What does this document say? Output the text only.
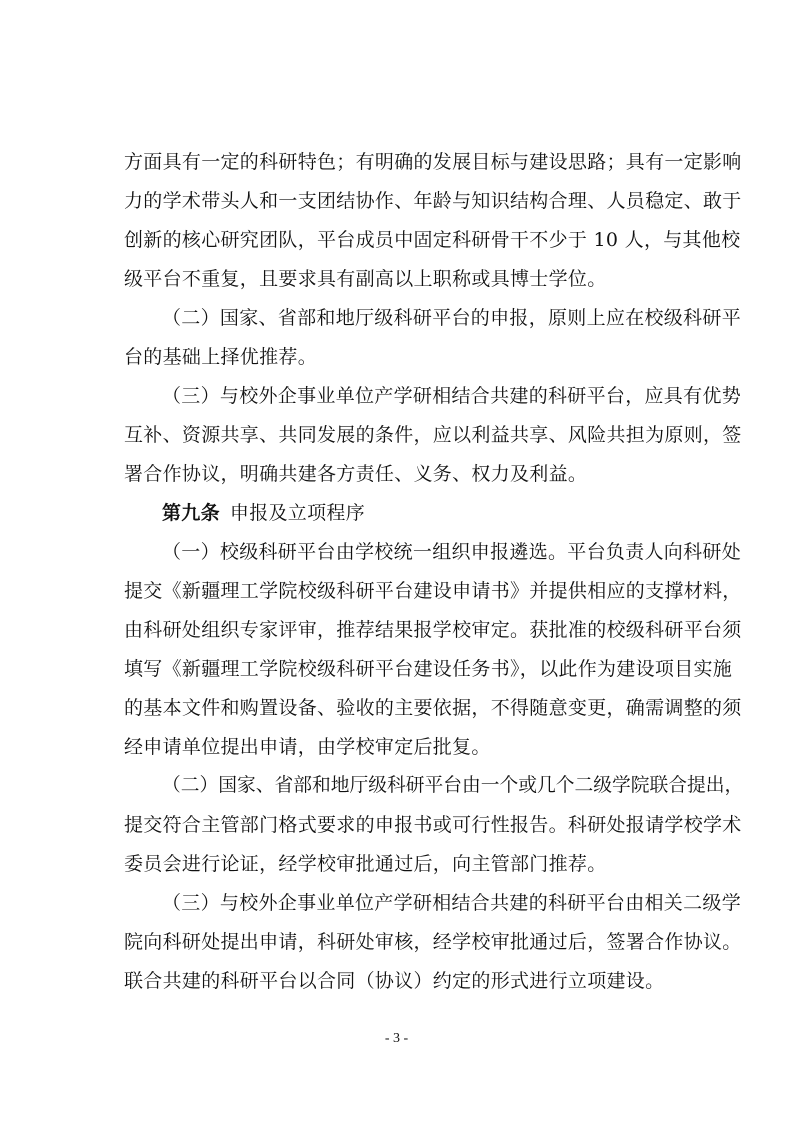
方面具有一定的科研特色；有明确的发展目标与建设思路；具有一定影响
力的学术带头人和一支团结协作、年龄与知识结构合理、人员稳定、敢于
创新的核心研究团队，平台成员中固定科研骨干不少于 10 人，与其他校
级平台不重复，且要求具有副高以上职称或具博士学位。
（二）国家、省部和地厅级科研平台的申报，原则上应在校级科研平
台的基础上择优推荐。
（三）与校外企事业单位产学研相结合共建的科研平台，应具有优势
互补、资源共享、共同发展的条件，应以利益共享、风险共担为原则，签
署合作协议，明确共建各方责任、义务、权力及利益。
第九条 申报及立项程序
（一）校级科研平台由学校统一组织申报遴选。平台负责人向科研处
提交《新疆理工学院校级科研平台建设申请书》并提供相应的支撑材料，
由科研处组织专家评审，推荐结果报学校审定。获批准的校级科研平台须
填写《新疆理工学院校级科研平台建设任务书》，以此作为建设项目实施
的基本文件和购置设备、验收的主要依据，不得随意变更，确需调整的须
经申请单位提出申请，由学校审定后批复。
（二）国家、省部和地厅级科研平台由一个或几个二级学院联合提出，
提交符合主管部门格式要求的申报书或可行性报告。科研处报请学校学术
委员会进行论证，经学校审批通过后，向主管部门推荐。
（三）与校外企事业单位产学研相结合共建的科研平台由相关二级学
院向科研处提出申请，科研处审核，经学校审批通过后，签署合作协议。
联合共建的科研平台以合同（协议）约定的形式进行立项建设。
- 3 -
